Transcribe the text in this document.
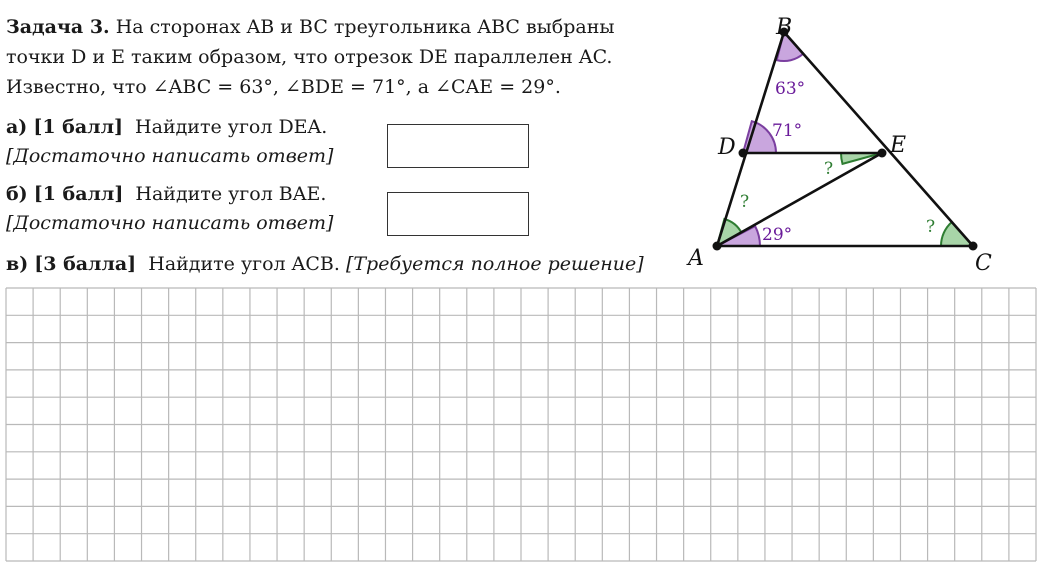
Задача 3. На сторонах AB и BC треугольника ABC выбраны
точки D и E таким образом, что отрезок DE параллелен AC.
Известно, что ∠ABC = 63°, ∠BDE = 71°, а ∠CAE = 29°.
а) [1 балл] Найдите угол DEA.
[Достаточно написать ответ]
б) [1 балл] Найдите угол BAE.
[Достаточно написать ответ]
в) [3 балла] Найдите угол ACB. [Требуется полное решение]
B
D	E
A	C
63°
71°
29°
?
?
?
